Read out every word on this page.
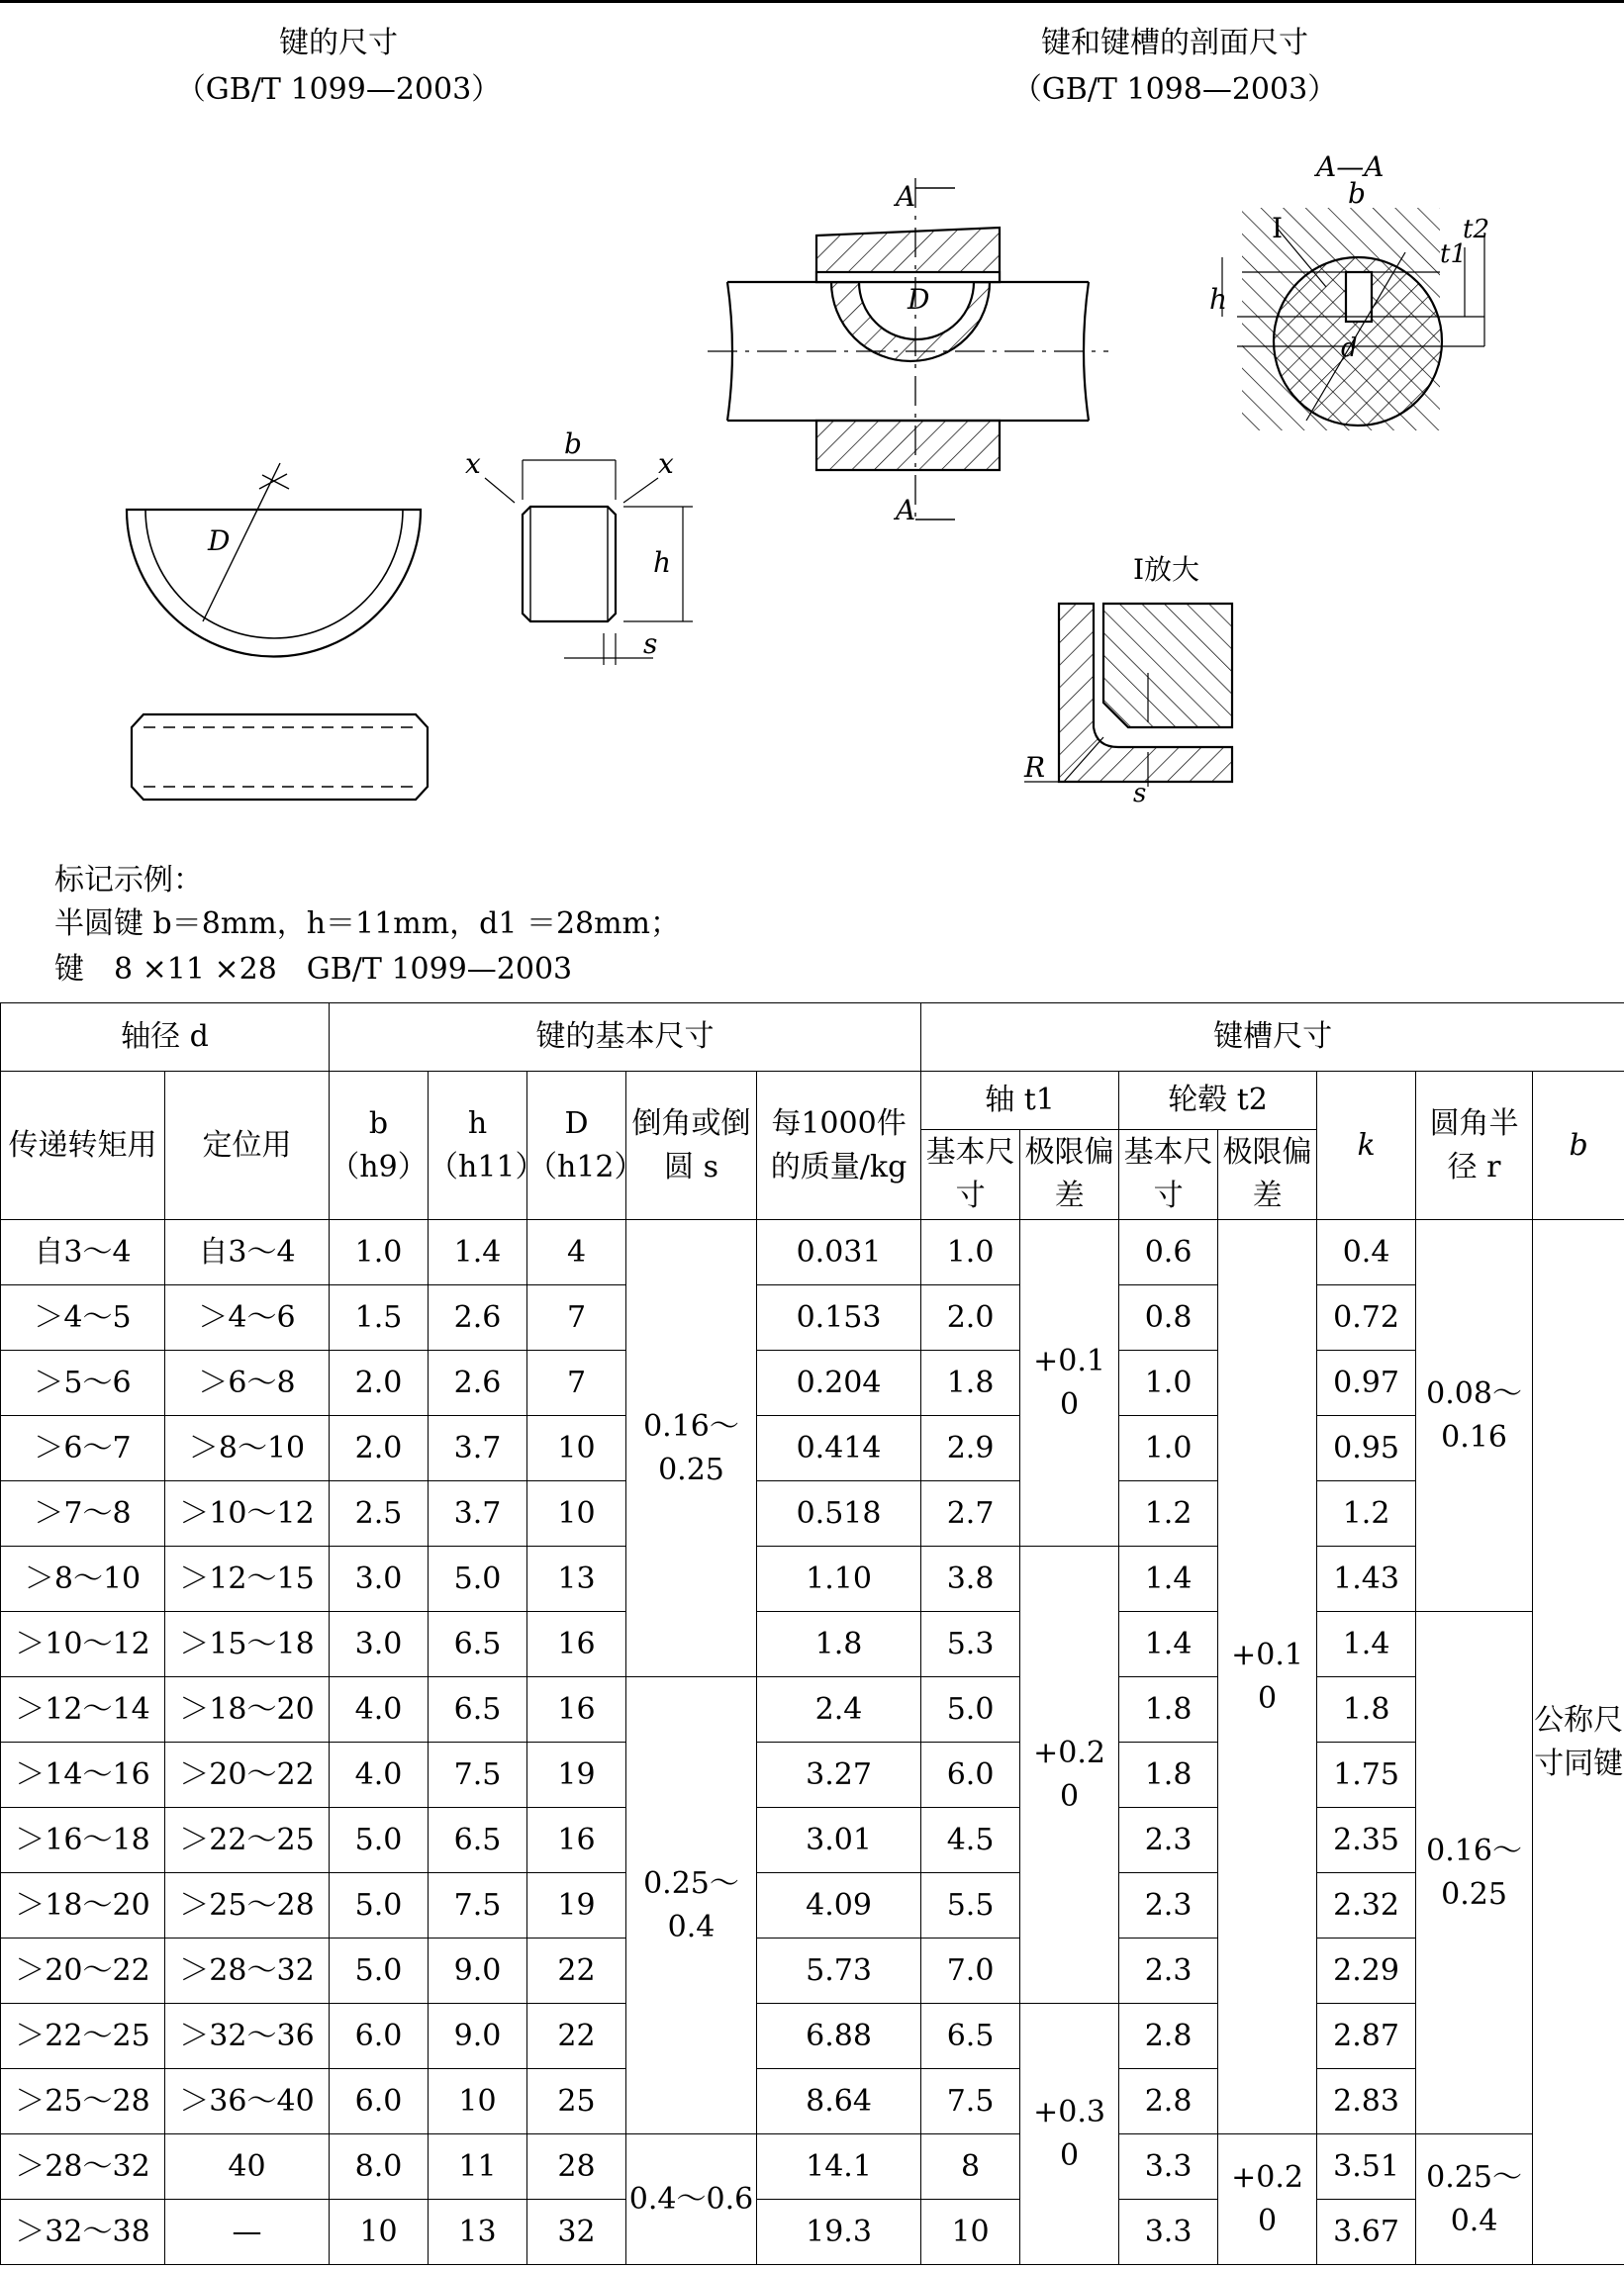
键的尺寸
（GB/T 1099—2003）
键和键槽的剖面尺寸
（GB/T 1098—2003）
D
b
x	x
h
s
A
A
D
A—A
b
I	t2
t1
h
d
I放大
R
s
标记示例：
半圆键 b＝8mm，h＝11mm，d1 ＝28mm；
键　8 ×11 ×28　GB/T 1099—2003
轴径 d		键的基本尺寸					键槽尺寸						
传递转矩用	定位用	b（h9）	h（h11）	D（h12）	倒角或倒圆 s	每1000件的质量/kg	轴 t1		轮毂 t2		k	圆角半径 r	b
							基本尺寸	极限偏差	基本尺寸	极限偏差			
自3～4	自3～4	1.0	1.4	4	0.16～0.25	0.031	1.0	+0.1 0	0.6	+0.1 0	0.4	0.08～0.16	公称尺寸同键
＞4～5	＞4～6	1.5	2.6	7		0.153	2.0		0.8		0.72		
＞5～6	＞6～8	2.0	2.6	7		0.204	1.8		1.0		0.97		
＞6～7	＞8～10	2.0	3.7	10		0.414	2.9		1.0		0.95		
＞7～8	＞10～12	2.5	3.7	10		0.518	2.7		1.2		1.2		
＞8～10	＞12～15	3.0	5.0	13		1.10	3.8	+0.2 0	1.4		1.43		
＞10～12	＞15～18	3.0	6.5	16		1.8	5.3		1.4		1.4	0.16～0.25	
＞12～14	＞18～20	4.0	6.5	16	0.25～0.4	2.4	5.0		1.8		1.8		
＞14～16	＞20～22	4.0	7.5	19		3.27	6.0		1.8		1.75		
＞16～18	＞22～25	5.0	6.5	16		3.01	4.5		2.3		2.35		
＞18～20	＞25～28	5.0	7.5	19		4.09	5.5		2.3		2.32		
＞20～22	＞28～32	5.0	9.0	22		5.73	7.0		2.3		2.29		
＞22～25	＞32～36	6.0	9.0	22		6.88	6.5	+0.3 0	2.8		2.87		
＞25～28	＞36～40	6.0	10	25		8.64	7.5		2.8		2.83		
＞28～32	40	8.0	11	28	0.4～0.6	14.1	8		3.3	+0.2 0	3.51	0.25～0.4	
＞32～38	—	10	13	32		19.3	10		3.3		3.67		
